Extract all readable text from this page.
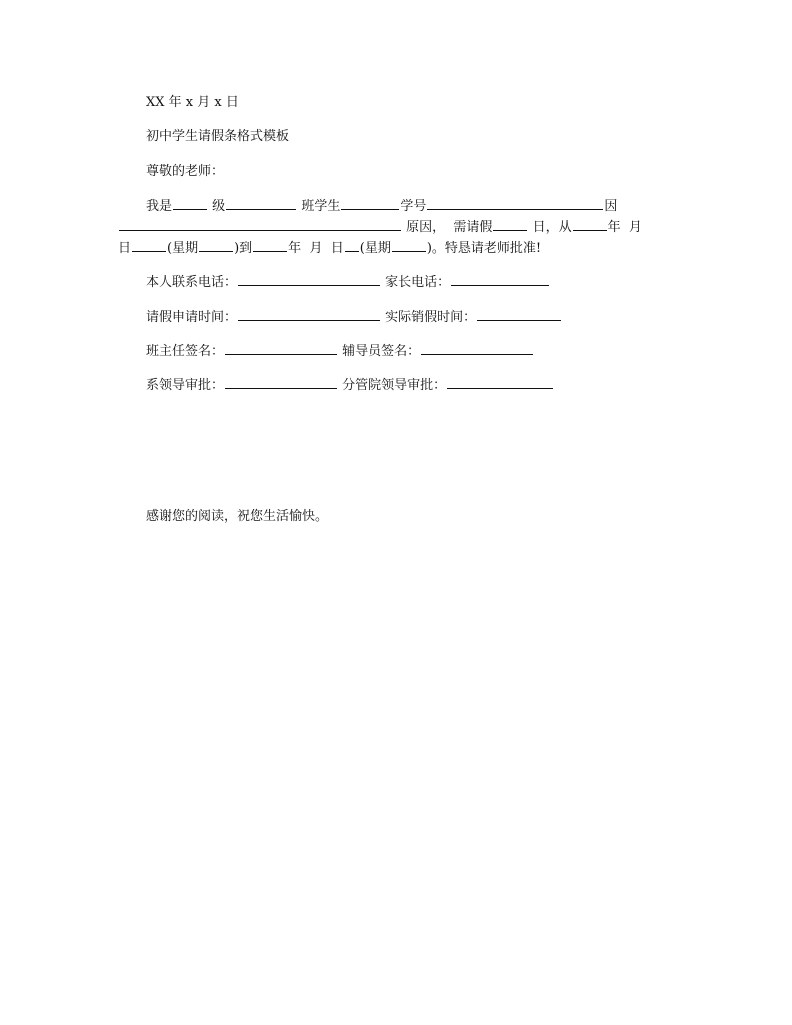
XX 年 x 月 x 日
初中学生请假条格式模板
尊敬的老师：
我是	级	班学生	学号	因
原因， 需请假	日，从	年 月
日	(星期	)到	年 月 日 (星期	)。特恳请老师批准!
本人联系电话：	家长电话：
请假申请时间：	实际销假时间：
班主任签名：	辅导员签名：
系领导审批：	分管院领导审批：
感谢您的阅读，祝您生活愉快。
